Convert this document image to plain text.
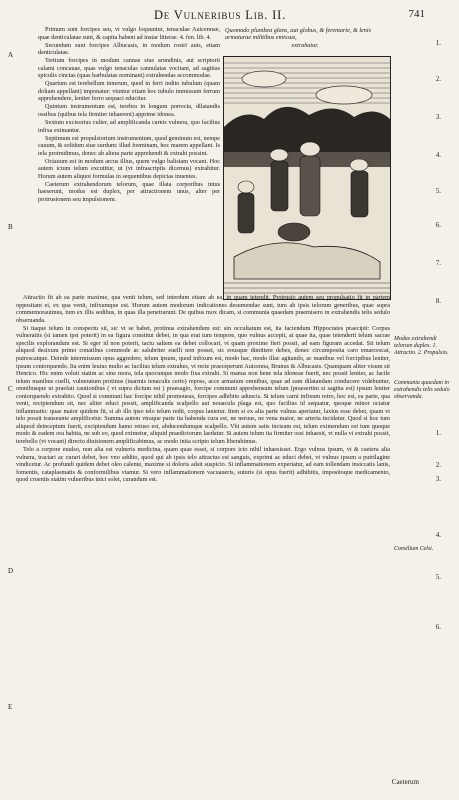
De Vulneribus Lib. II.	741

Primum sunt forcipes seu, vt vulgo loquuntur, tenaculae Auicennae, quae denticulatae sunt, & capita habent ad instar litterae. 4. fen. lib. 4.

Secundum sunt forcipes Albucasis, in modum rostri auis, etiam denticulatae.

Tertium forcipes in modum cannae siue arundinis, aut scriptorii calami concauae, quas vulgo tenaculas cannulatas vocitant, ad sagittas spiculis cinctas (quas barbulatas nominant) extrahendas accommodae.

Quartum est terebellum innerum, quod in ferri indito tubulum (quam doliam appellant) imponatur: vtuntur etiam hoc tubulo immissum ferrum apprehendere, leniter ferro sequaci educitur.

Quintum instrumentum est, terebra in longum porrecta, dilatandis ossibus (quibus tela firmiter inhaerent) apprime idonea.

Sextum excisorius culter, ad amplificanda carnis vulnera, quo facilius infixa eximantur.

Septimum est propulsiorium instrumentum, quod geminum est, nempe cauum, & solidum siue surdum: illud foeminam, hoc marem appellant. Is tela protrudimus, donec ab altera parte apprehendi & extrahi possint.

Octauum est in modum arcus illius, quem vulgo balistam vocant. Hoc autem ictum telum excutitur, ut (vt infrascriptis dicemus) extrahitur. Horum autem aliquot formulas in sequentibus depictas inuenies.

Caeterum extrahendorum telorum, quae illata corporibus intus haeserunt, modus est duplex, per attractionem unus, alter per protrusionem seu impulsionem.

Quomodo plumbea glans, aut globus, & ferentarie, & lenis armaturae militibus emissus,
extrahatur.

Attractio fit ab ea parte maxime, qua venit telum, sed interdum etiam ab ea, in quam tetendit. Protrusio autem seu propulsatio fit in partem oppositam ei, ex qua venit, infixumque est. Horum autem modorum indicationes desumendae sunt, tum ab ipsis telorum generibus, quae supra commemorauimus, tum ex illis sedibus, in quas illa penetrarunt. De quibus mox dicam, si communia quaedam praemisero in extrahendis telis sedulo obseruanda.

Si itaque telum in conspectu sit, sic vt se habet, protinus extrahendum est: sin occultatum est, ita faciendum Hippocrates praecipit: Corpus vulneratiis (si tamen ipsi poterit) in ea figura constitui debet, in qua erat tum tempore, quo vulnus accepit, at quae ita, quae tetenderit telum sacrae specilis explorandum est. Si eger id non poterit, tactu saltem ea debet collocari, vt quam proxime fieri possit, ad eam figuram accedat. Sit telum aliquod desixum primo conatibus commode ac salubriter euelli non posset, sic eousque dimittere debes, donec circumposita caro emarcescat, putrescatque. Deinde intermissum opus aggredere, telum ipsum, quod infixum est, modo hac, modo illac agitando, ac manibus vel forcipibus leniter, ipsum contorquendo. Ita enim leuius multo ac facilius telum extrahes, vt recte praeceperunt Auicenna, Brunus & Albucasis. Quanquam aliter visum sit Henrico. Hic enim voluit statim ac sine mora, tela quocunque modo fixa extrahi. Si manus non bene tela idoneae fuerit, nec possit leniter, ac facile telum manibus cuelli, vulneratum protinus (inarmis tenaculis certo) reposs, acce armatum omnibus, quae ad eam dilatandam conducere videbuntur, omnibusque ut praefati cautionibus ( vt supra dictum est ) praesagio, forcipe communi apprehensum telum (praesertim si sagitta est) ipsum leniter contorquendo extrahito. Quod si communi hac forcipe nihil promoueas, forcipes adhibito aduncis. Si telum carni infixum retro, hoc est, ea parte, qua venit, recipiendum sit, nec aliter educi possit, amplificanda scalpello aut nouacula plaga est, quo facilius id sequatur, quoque minor ociatur inflammatio: quae maior quidem fit, si ab illo ipso telo telum redit, corpus lanietur. Item si ex alia parte vulnus aperiatur, laxius esse debet, quam vt telo possit transeunte amplificetur. Summa autem vtraque parte ita habenda cura est, ne neruus, ne vena maior, ne arteria incidatur. Quod si hoc tum aliquod deinceptum fuerit, excipiendum hamo retuso est, abducendumque scalpello. Vbi autem satis incisum est, telum eximendum est tum quoque modo & eadem ora habita, ne sub eo, quod eximetur, aliquid praedictorum laedatur. Si autem telum ita firmiter ossi inhaesit, vt nulla vi extrahi possit, terebello (vt vocant) directo diuisionem amplificabimus, ac modo inita scripto telum liberabimus.

Telo a corpore euulso, non alia est vulneris medicina, quam quae esset, si corpore icto nihil inhaesisset. Ergo vulnus ipsum, vt & caetera alia vulnera, tractari ac curari debet, hoc vno addito, quod qui ab ipsis telo attractus est sanguis, exprimi ac educi debet, vt vulnus ipsum a putrilagine vindicetur. Ac profundi quidem debet oleo calente, maxime si doloris adsit suspicio. Si inflammationem experiatur, ad eam tollendam insiccatis lanis, fomentis, cataplasmatis & conformilibus vtamur. Si vero inflammationem vacuaueris, suturis (si opus fuerit) adhibitis, impositoque medicamento, quod cruentis statim vulneribus inici solet, curandum est.

A
B
C
D
E
1.
2.
3.
4.
5.
6.
7.
8.
1.
2.
3.
4.
5.
6.
Modus extrahendi telorum duplex. 1. Attractio. 2. Propulsio.
Communia quaedam in extrahendis telis sedulo observanda.
Consilium Celsi.
Caeterum
